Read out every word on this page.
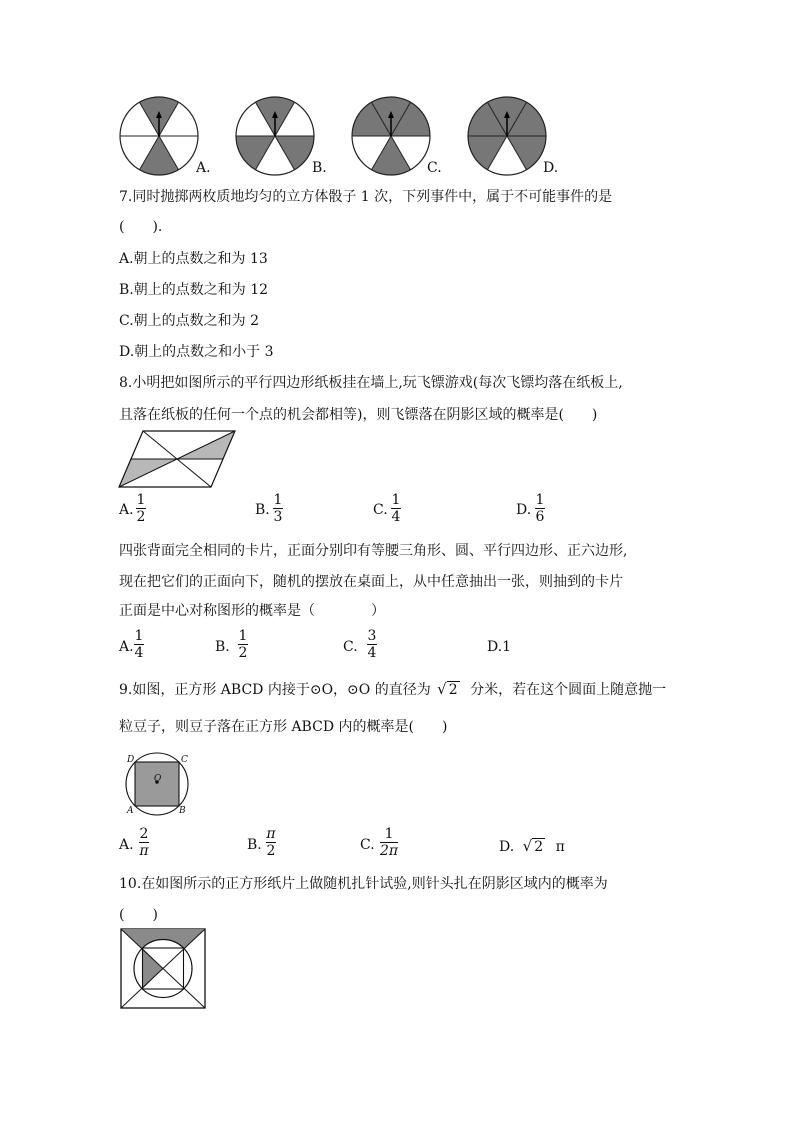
A.	B.	C.	D.
7.同时抛掷两枚质地均匀的立方体骰子 1 次，下列事件中，属于不可能事件的是
(　　).
A.朝上的点数之和为 13
B.朝上的点数之和为 12
C.朝上的点数之和为 2
D.朝上的点数之和小于 3
8.小明把如图所示的平行四边形纸板挂在墙上,玩飞镖游戏(每次飞镖均落在纸板上,
且落在纸板的任何一个点的机会都相等)，则飞镖落在阴影区域的概率是(　　)
A.
1
2	B.
1
3	C.
1
4	D.
1
6
四张背面完全相同的卡片，正面分别印有等腰三角形、圆、平行四边形、正六边形,
现在把它们的正面向下，随机的摆放在桌面上，从中任意抽出一张，则抽到的卡片
正面是中心对称图形的概率是（　　　　）
A.
1
4	B.
1
2	C.
3
4	D.1
9.如图，正方形 ABCD 内接于⊙O，⊙O 的直径为 √ 2 分米，若在这个圆面上随意抛一
粒豆子，则豆子落在正方形 ABCD 内的概率是(　　)
D	C
A	B
O
A.
2
π	B.
π
2	C.
1
2π	D. √ 2 π
10.在如图所示的正方形纸片上做随机扎针试验,则针头扎在阴影区域内的概率为
(　　)
